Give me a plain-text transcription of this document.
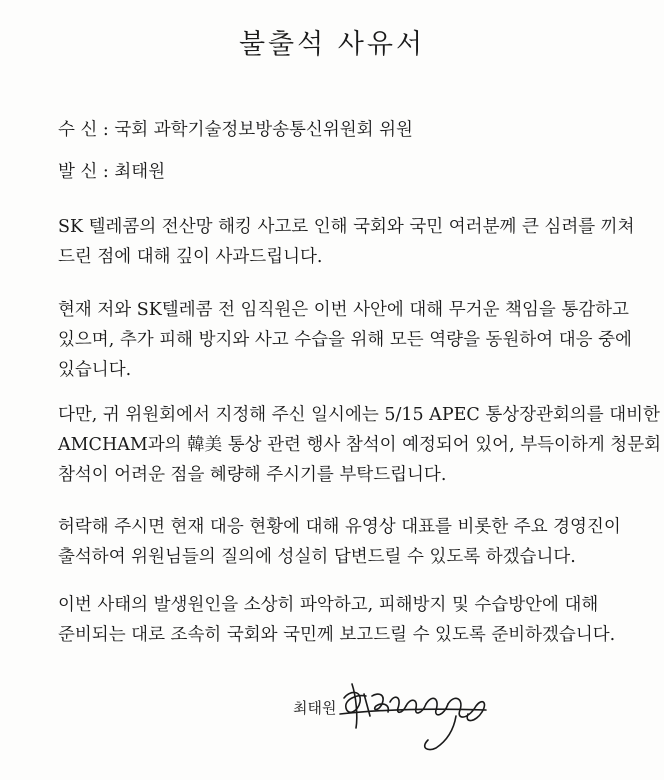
불출석 사유서
수 신 : 국회 과학기술정보방송통신위원회 위원
발 신 : 최태원
SK 텔레콤의 전산망 해킹 사고로 인해 국회와 국민 여러분께 큰 심려를 끼쳐
드린 점에 대해 깊이 사과드립니다.
현재 저와 SK텔레콤 전 임직원은 이번 사안에 대해 무거운 책임을 통감하고
있으며, 추가 피해 방지와 사고 수습을 위해 모든 역량을 동원하여 대응 중에
있습니다.
다만, 귀 위원회에서 지정해 주신 일시에는 5/15 APEC 통상장관회의를 대비한
AMCHAM과의 韓美 통상 관련 행사 참석이 예정되어 있어, 부득이하게 청문회
참석이 어려운 점을 혜량해 주시기를 부탁드립니다.
허락해 주시면 현재 대응 현황에 대해 유영상 대표를 비롯한 주요 경영진이
출석하여 위원님들의 질의에 성실히 답변드릴 수 있도록 하겠습니다.
이번 사태의 발생원인을 소상히 파악하고, 피해방지 및 수습방안에 대해
준비되는 대로 조속히 국회와 국민께 보고드릴 수 있도록 준비하겠습니다.
최태원
